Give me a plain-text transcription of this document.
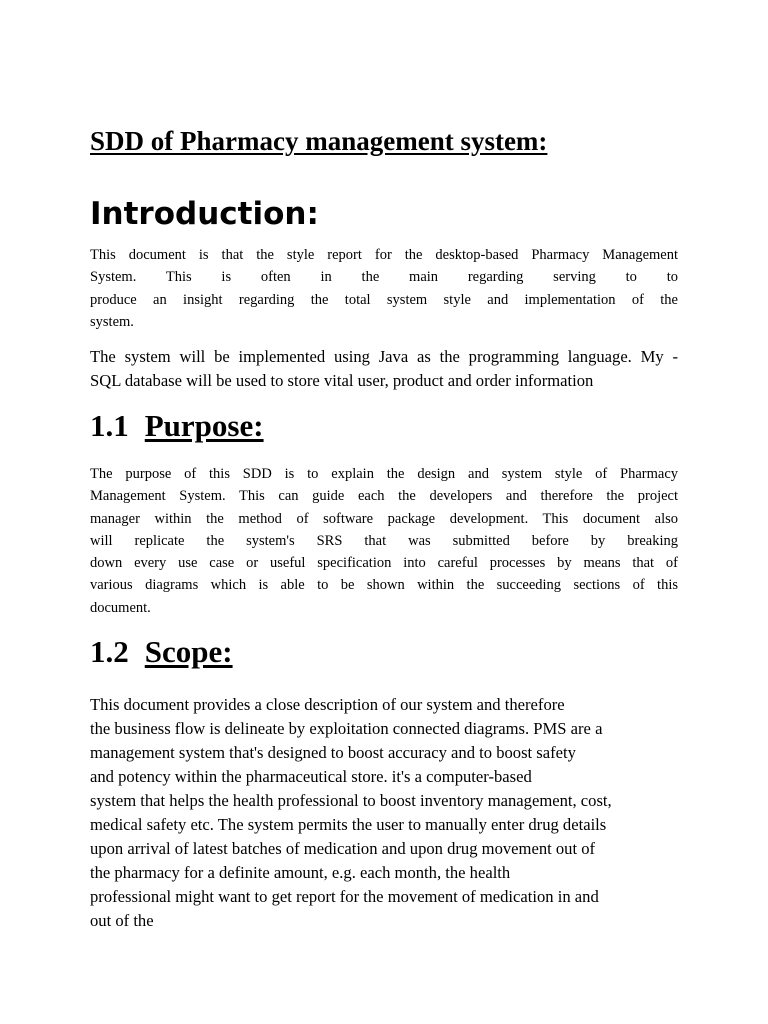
SDD of Pharmacy management system:
Introduction:

This document is that the style report for the desktop-based Pharmacy Management
System. This is often in the main regarding serving to to
produce an insight regarding the total system style and implementation of the
system.

The system will be implemented using Java as the programming language. My -
SQL database will be used to store vital user, product and order information

1.1 Purpose:

The purpose of this SDD is to explain the design and system style of Pharmacy
Management System. This can guide each the developers and therefore the project
manager within the method of software package development. This document also
will replicate the system's SRS that was submitted before by breaking
down every use case or useful specification into careful processes by means that of
various diagrams which is able to be shown within the succeeding sections of this
document.

1.2 Scope:

This document provides a close description of our system and therefore
the business flow is delineate by exploitation connected diagrams. PMS are a
management system that's designed to boost accuracy and to boost safety
and potency within the pharmaceutical store. it's a computer-based
system that helps the health professional to boost inventory management, cost,
medical safety etc. The system permits the user to manually enter drug details
upon arrival of latest batches of medication and upon drug movement out of
the pharmacy for a definite amount, e.g. each month, the health
professional might want to get report for the movement of medication in and
out of the
